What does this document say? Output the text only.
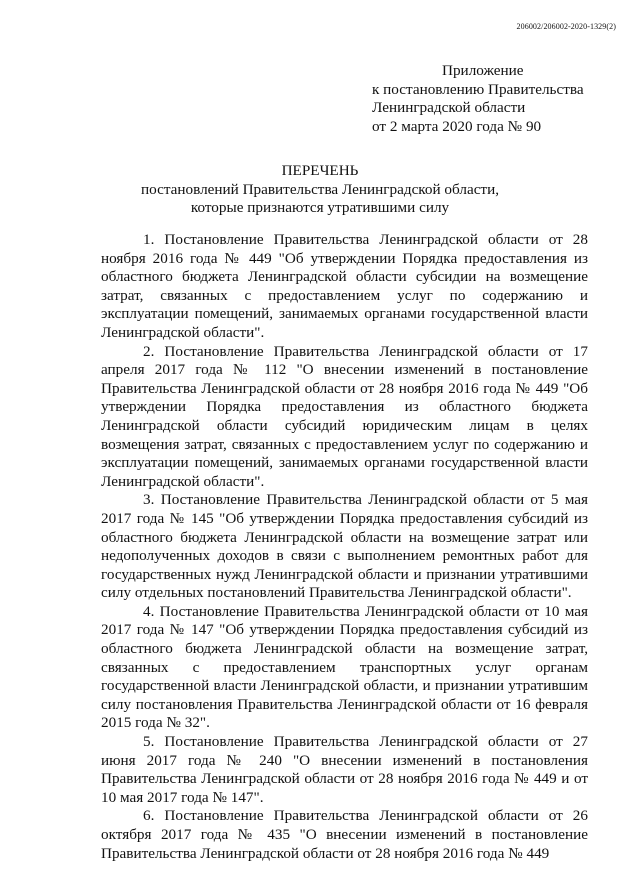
206002/206002-2020-1329(2)
Приложение
к постановлению Правительства
Ленинградской области
от 2 марта 2020 года № 90
ПЕРЕЧЕНЬ
постановлений Правительства Ленинградской области,
которые признаются утратившими силу

1. Постановление Правительства Ленинградской области от 28 ноября 2016 года № 449 "Об утверждении Порядка предоставления из областного бюджета Ленинградской области субсидии на возмещение затрат, связанных с предоставлением услуг по содержанию и эксплуатации помещений, занимаемых органами государственной власти Ленинградской области".

2. Постановление Правительства Ленинградской области от 17 апреля 2017 года № 112 "О внесении изменений в постановление Правительства Ленинградской области от 28 ноября 2016 года № 449 "Об утверждении Порядка предоставления из областного бюджета Ленинградской области субсидий юридическим лицам в целях возмещения затрат, связанных с предоставлением услуг по содержанию и эксплуатации помещений, занимаемых органами государственной власти Ленинградской области".

3. Постановление Правительства Ленинградской области от 5 мая 2017 года № 145 "Об утверждении Порядка предоставления субсидий из областного бюджета Ленинградской области на возмещение затрат или недополученных доходов в связи с выполнением ремонтных работ для государственных нужд Ленинградской области и признании утратившими силу отдельных постановлений Правительства Ленинградской области".

4. Постановление Правительства Ленинградской области от 10 мая 2017 года № 147 "Об утверждении Порядка предоставления субсидий из областного бюджета Ленинградской области на возмещение затрат, связанных с предоставлением транспортных услуг органам государственной власти Ленинградской области, и признании утратившим силу постановления Правительства Ленинградской области от 16 февраля 2015 года № 32".

5. Постановление Правительства Ленинградской области от 27 июня 2017 года № 240 "О внесении изменений в постановления Правительства Ленинградской области от 28 ноября 2016 года № 449 и от 10 мая 2017 года № 147".

6. Постановление Правительства Ленинградской области от 26 октября 2017 года № 435 "О внесении изменений в постановление Правительства Ленинградской области от 28 ноября 2016 года № 449
